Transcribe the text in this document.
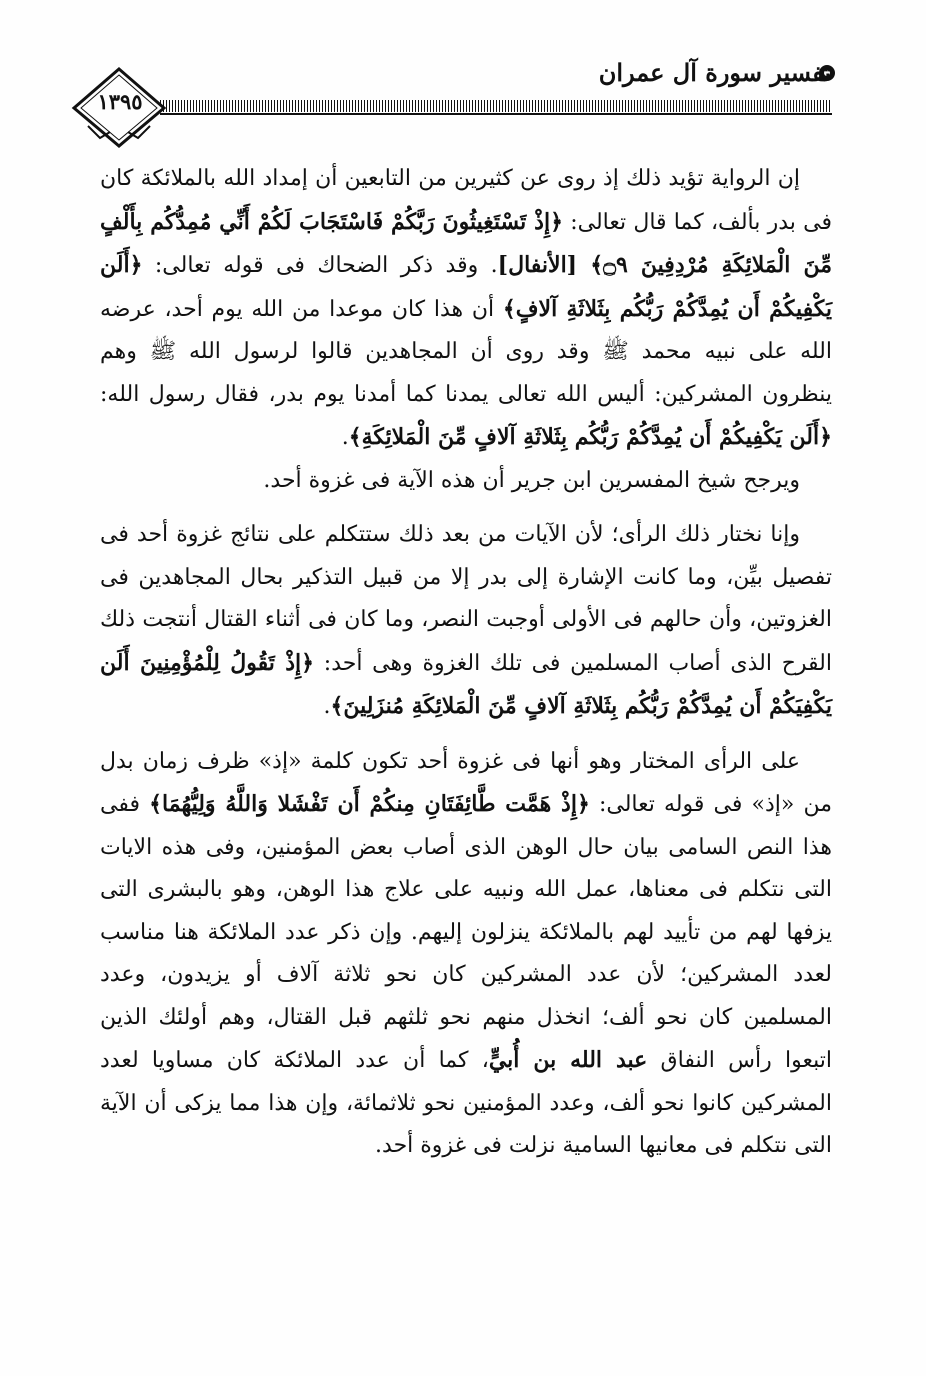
تفسير سورة آل عمران
١٣٩٥

إن الرواية تؤيد ذلك إذ روى عن كثيرين من التابعين أن إمداد الله بالملائكة كان فى بدر بألف، كما قال تعالى: ﴿إِذْ تَسْتَغِيثُونَ رَبَّكُمْ فَاسْتَجَابَ لَكُمْ أَنِّي مُمِدُّكُم بِأَلْفٍ مِّنَ الْمَلائِكَةِ مُرْدِفِينَ ۝٩﴾ [الأنفال]. وقد ذكر الضحاك فى قوله تعالى: ﴿أَلَن يَكْفِيكُمْ أَن يُمِدَّكُمْ رَبُّكُم بِثَلاثَةِ آلافٍ﴾ أن هذا كان موعدا من الله يوم أحد، عرضه الله على نبيه محمد ﷺ وقد روى أن المجاهدين قالوا لرسول الله ﷺ وهم ينظرون المشركين: أليس الله تعالى يمدنا كما أمدنا يوم بدر، فقال رسول الله: ﴿أَلَن يَكْفِيكُمْ أَن يُمِدَّكُمْ رَبُّكُم بِثَلاثَةِ آلافٍ مِّنَ الْمَلائِكَةِ﴾.

ويرجح شيخ المفسرين ابن جرير أن هذه الآية فى غزوة أحد.

وإنا نختار ذلك الرأى؛ لأن الآيات من بعد ذلك ستتكلم على نتائج غزوة أحد فى تفصيل بيِّن، وما كانت الإشارة إلى بدر إلا من قبيل التذكير بحال المجاهدين فى الغزوتين، وأن حالهم فى الأولى أوجبت النصر، وما كان فى أثناء القتال أنتجت ذلك القرح الذى أصاب المسلمين فى تلك الغزوة وهى أحد: ﴿إِذْ تَقُولُ لِلْمُؤْمِنِينَ أَلَن يَكْفِيَكُمْ أَن يُمِدَّكُمْ رَبُّكُم بِثَلاثَةِ آلافٍ مِّنَ الْمَلائِكَةِ مُنزَلِينَ﴾.

على الرأى المختار وهو أنها فى غزوة أحد تكون كلمة «إذ» ظرف زمان بدل من «إذ» فى قوله تعالى: ﴿إِذْ هَمَّت طَّائِفَتَانِ مِنكُمْ أَن تَفْشَلا وَاللَّهُ وَلِيُّهُمَا﴾ ففى هذا النص السامى بيان حال الوهن الذى أصاب بعض المؤمنين، وفى هذه الايات التى نتكلم فى معناها، عمل الله ونبيه على علاج هذا الوهن، وهو بالبشرى التى يزفها لهم من تأييد لهم بالملائكة ينزلون إليهم. وإن ذكر عدد الملائكة هنا مناسب لعدد المشركين؛ لأن عدد المشركين كان نحو ثلاثة آلاف أو يزيدون، وعدد المسلمين كان نحو ألف؛ انخذل منهم نحو ثلثهم قبل القتال، وهم أولئك الذين اتبعوا رأس النفاق عبد الله بن أُبيٍّ، كما أن عدد الملائكة كان مساويا لعدد المشركين كانوا نحو ألف، وعدد المؤمنين نحو ثلاثمائة، وإن هذا مما يزكى أن الآية التى نتكلم فى معانيها السامية نزلت فى غزوة أحد.
